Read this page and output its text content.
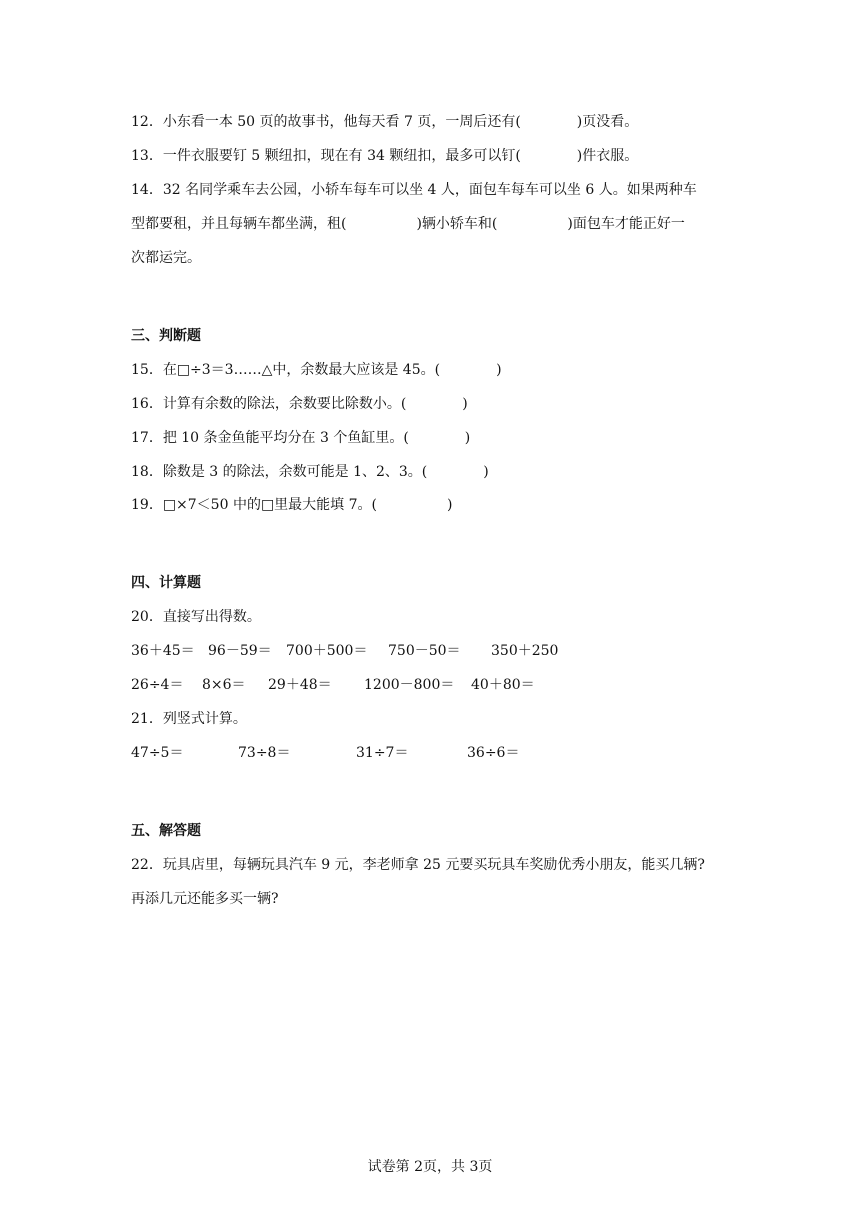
12．小东看一本 50 页的故事书，他每天看 7 页，一周后还有(　　　　)页没看。
13．一件衣服要钉 5 颗纽扣，现在有 34 颗纽扣，最多可以钉(　　　　)件衣服。
14．32 名同学乘车去公园，小轿车每车可以坐 4 人，面包车每车可以坐 6 人。如果两种车
型都要租，并且每辆车都坐满，租(　　　　　)辆小轿车和(　　　　　)面包车才能正好一
次都运完。
三、判断题
15．在□÷3＝3……△中，余数最大应该是 45。(　　　　)
16．计算有余数的除法，余数要比除数小。(　　　　)
17．把 10 条金鱼能平均分在 3 个鱼缸里。(　　　　)
18．除数是 3 的除法，余数可能是 1、2、3。(　　　　)
19．□×7＜50 中的□里最大能填 7。(　　　　　)
四、计算题
20．直接写出得数。
36＋45＝ 96－59＝ 700＋500＝ 750－50＝ 350＋250
26÷4＝ 8×6＝ 29＋48＝ 1200－800＝ 40＋80＝
21．列竖式计算。
47÷5＝	73÷8＝	31÷7＝	36÷6＝
五、解答题
22．玩具店里，每辆玩具汽车 9 元，李老师拿 25 元要买玩具车奖励优秀小朋友，能买几辆?
再添几元还能多买一辆?
试卷第 2页，共 3页
